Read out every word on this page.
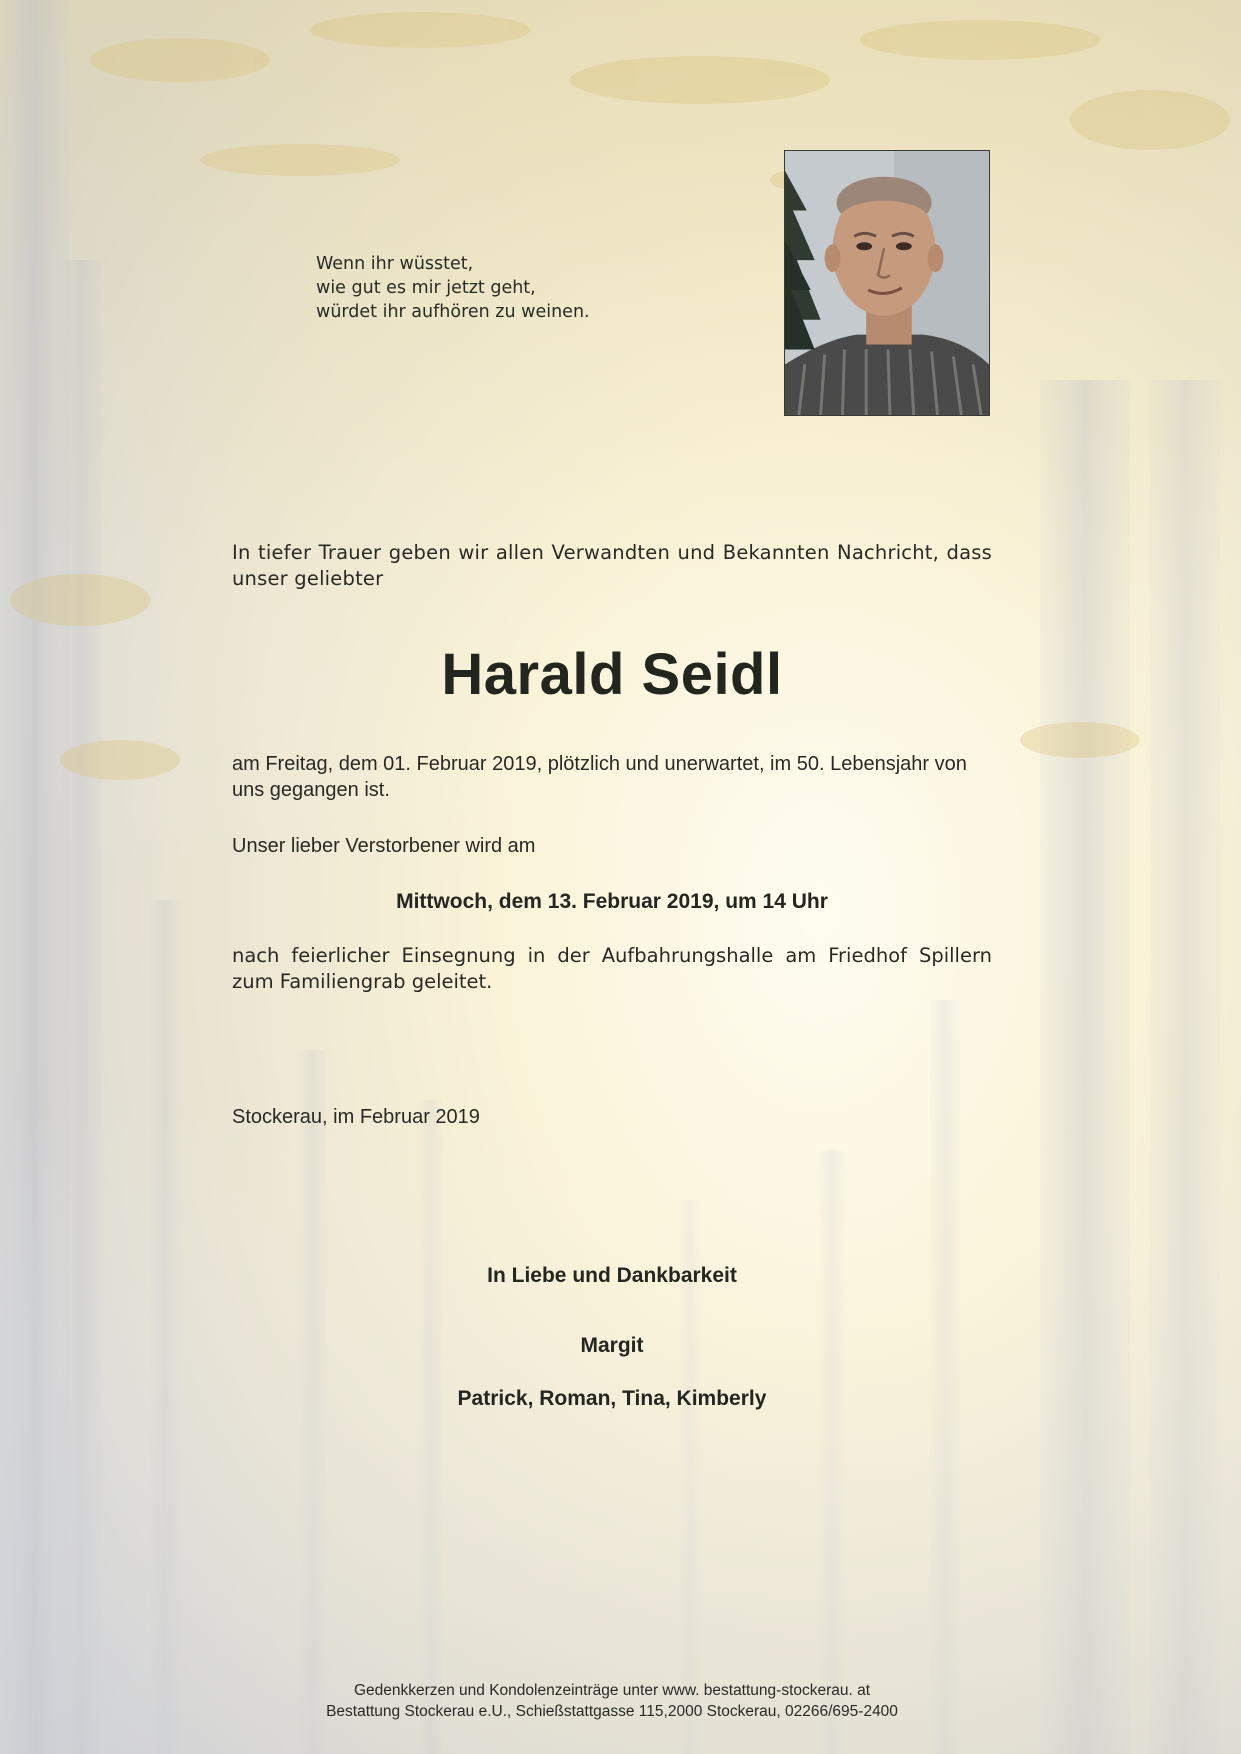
Wenn ihr wüsstet,
wie gut es mir jetzt geht,
würdet ihr aufhören zu weinen.

In tiefer Trauer geben wir allen Verwandten und Bekannten Nachricht, dass unser geliebter

Harald Seidl

am Freitag, dem 01. Februar 2019, plötzlich und unerwartet, im 50. Lebensjahr von uns gegangen ist.

Unser lieber Verstorbener wird am

Mittwoch, dem 13. Februar 2019, um 14 Uhr

nach feierlicher Einsegnung in der Aufbahrungshalle am Friedhof Spillern zum Familiengrab geleitet.

Stockerau, im Februar 2019

In Liebe und Dankbarkeit

Margit

Patrick, Roman, Tina, Kimberly

Gedenkkerzen und Kondolenzeinträge unter www. bestattung-stockerau. at
Bestattung Stockerau e.U., Schießstattgasse 115,2000 Stockerau, 02266/695-2400
